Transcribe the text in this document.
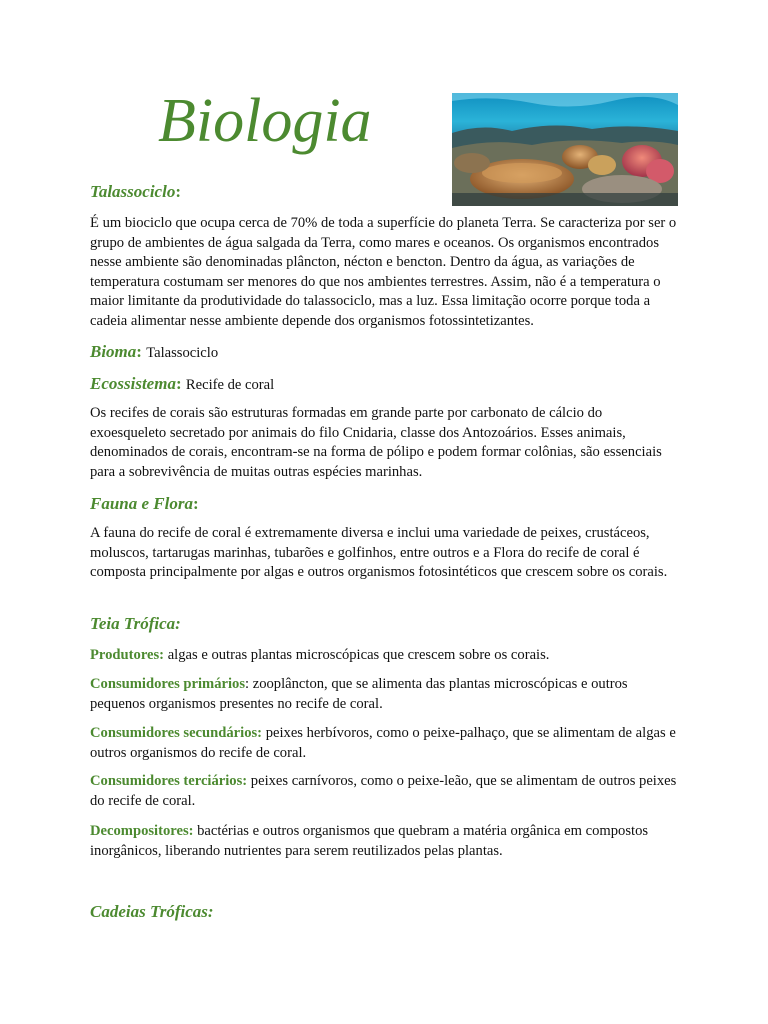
Biologia
Talassociclo:

É um biociclo que ocupa cerca de 70% de toda a superfície do planeta Terra. Se caracteriza por ser o grupo de ambientes de água salgada da Terra, como mares e oceanos. Os organismos encontrados nesse ambiente são denominadas plâncton, nécton e bencton. Dentro da água, as variações de temperatura costumam ser menores do que nos ambientes terrestres. Assim, não é a temperatura o maior limitante da produtividade do talassociclo, mas a luz. Essa limitação ocorre porque toda a cadeia alimentar nesse ambiente depende dos organismos fotossintetizantes.

Bioma: Talassociclo
Ecossistema: Recife de coral

Os recifes de corais são estruturas formadas em grande parte por carbonato de cálcio do exoesqueleto secretado por animais do filo Cnidaria, classe dos Antozoários. Esses animais, denominados de corais, encontram-se na forma de pólipo e podem formar colônias, são essenciais para a sobrevivência de muitas outras espécies marinhas.

Fauna e Flora:

A fauna do recife de coral é extremamente diversa e inclui uma variedade de peixes, crustáceos, moluscos, tartarugas marinhas, tubarões e golfinhos, entre outros e a Flora do recife de coral é composta principalmente por algas e outros organismos fotosintéticos que crescem sobre os corais.

Teia Trófica:

Produtores: algas e outras plantas microscópicas que crescem sobre os corais.

Consumidores primários: zooplâncton, que se alimenta das plantas microscópicas e outros pequenos organismos presentes no recife de coral.

Consumidores secundários: peixes herbívoros, como o peixe-palhaço, que se alimentam de algas e outros organismos do recife de coral.

Consumidores terciários: peixes carnívoros, como o peixe-leão, que se alimentam de outros peixes do recife de coral.

Decompositores: bactérias e outros organismos que quebram a matéria orgânica em compostos inorgânicos, liberando nutrientes para serem reutilizados pelas plantas.

Cadeias Tróficas:
